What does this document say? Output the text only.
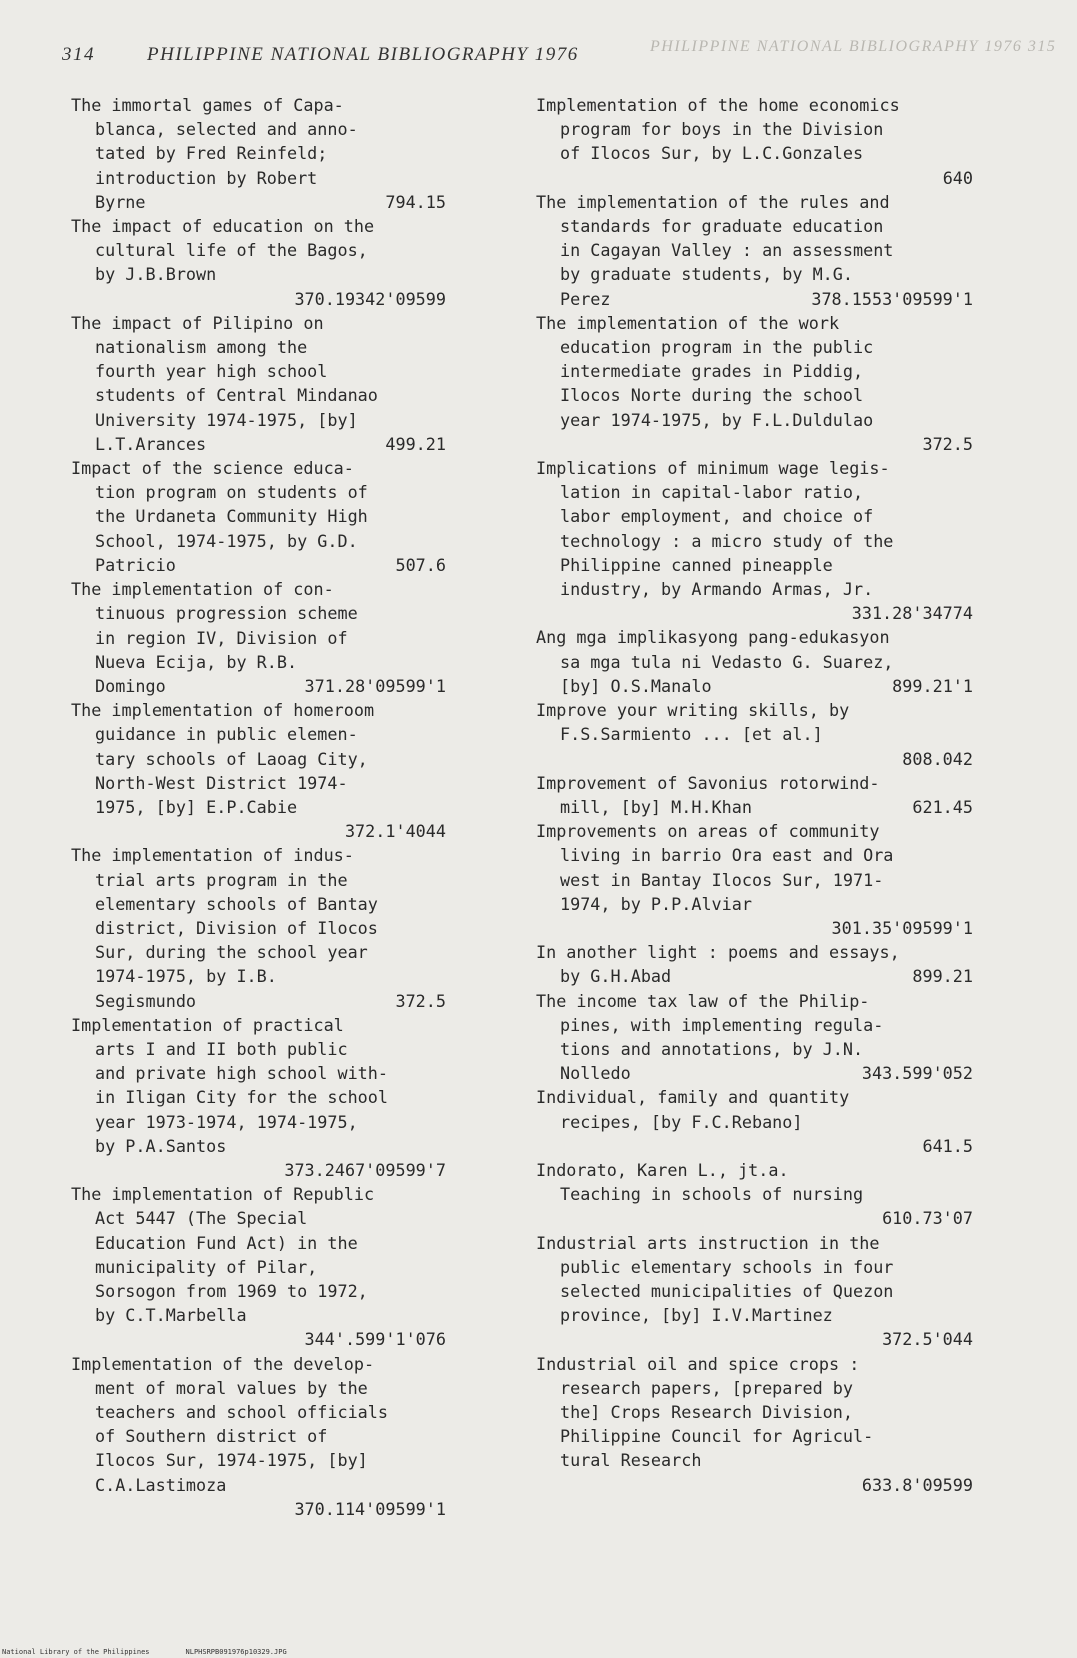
PHILIPPINE NATIONAL BIBLIOGRAPHY 1976 315
314	PHILIPPINE NATIONAL BIBLIOGRAPHY 1976
The immortal games of Capa-
blanca, selected and anno-
tated by Fred Reinfeld;
introduction by Robert
Byrne	794.15
The impact of education on the
cultural life of the Bagos,
by J.B.Brown
370.19342'09599
The impact of Pilipino on
nationalism among the
fourth year high school
students of Central Mindanao
University 1974-1975, [by]
L.T.Arances	499.21
Impact of the science educa-
tion program on students of
the Urdaneta Community High
School, 1974-1975, by G.D.
Patricio	507.6
The implementation of con-
tinuous progression scheme
in region IV, Division of
Nueva Ecija, by R.B.
Domingo	371.28'09599'1
The implementation of homeroom
guidance in public elemen-
tary schools of Laoag City,
North-West District 1974-
1975, [by] E.P.Cabie
372.1'4044
The implementation of indus-
trial arts program in the
elementary schools of Bantay
district, Division of Ilocos
Sur, during the school year
1974-1975, by I.B.
Segismundo	372.5
Implementation of practical
arts I and II both public
and private high school with-
in Iligan City for the school
year 1973-1974, 1974-1975,
by P.A.Santos
373.2467'09599'7
The implementation of Republic
Act 5447 (The Special
Education Fund Act) in the
municipality of Pilar,
Sorsogon from 1969 to 1972,
by C.T.Marbella
344'.599'1'076
Implementation of the develop-
ment of moral values by the
teachers and school officials
of Southern district of
Ilocos Sur, 1974-1975, [by]
C.A.Lastimoza
370.114'09599'1
Implementation of the home economics
program for boys in the Division
of Ilocos Sur, by L.C.Gonzales
640
The implementation of the rules and
standards for graduate education
in Cagayan Valley : an assessment
by graduate students, by M.G.
Perez	378.1553'09599'1
The implementation of the work
education program in the public
intermediate grades in Piddig,
Ilocos Norte during the school
year 1974-1975, by F.L.Duldulao
372.5
Implications of minimum wage legis-
lation in capital-labor ratio,
labor employment, and choice of
technology : a micro study of the
Philippine canned pineapple
industry, by Armando Armas, Jr.
331.28'34774
Ang mga implikasyong pang-edukasyon
sa mga tula ni Vedasto G. Suarez,
[by] O.S.Manalo	899.21'1
Improve your writing skills, by
F.S.Sarmiento ... [et al.]
808.042
Improvement of Savonius rotorwind-
mill, [by] M.H.Khan	621.45
Improvements on areas of community
living in barrio Ora east and Ora
west in Bantay Ilocos Sur, 1971-
1974, by P.P.Alviar
301.35'09599'1
In another light : poems and essays,
by G.H.Abad	899.21
The income tax law of the Philip-
pines, with implementing regula-
tions and annotations, by J.N.
Nolledo	343.599'052
Individual, family and quantity
recipes, [by F.C.Rebano]
641.5
Indorato, Karen L., jt.a.
Teaching in schools of nursing
610.73'07
Industrial arts instruction in the
public elementary schools in four
selected municipalities of Quezon
province, [by] I.V.Martinez
372.5'044
Industrial oil and spice crops :
research papers, [prepared by
the] Crops Research Division,
Philippine Council for Agricul-
tural Research
633.8'09599
National Library of the Philippines	NLPHSRPB091976p10329.JPG
